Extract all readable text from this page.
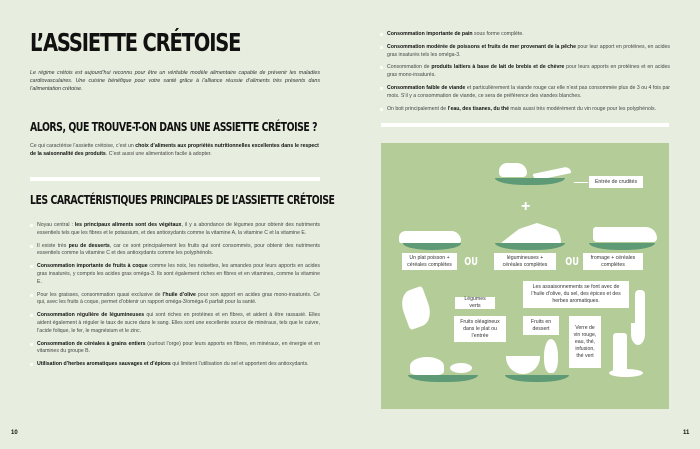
L’ASSIETTE CRÉTOISE

Le régime crétois est aujourd’hui reconnu pour être un véritable modèle alimentaire capable de prévenir les maladies cardiovasculaires. Une cuisine bénéfique pour votre santé grâce à l’alliance réussie d’aliments très présents dans l’alimentation crétoise.

ALORS, QUE TROUVE-T-ON DANS UNE ASSIETTE CRÉTOISE ?

Ce qui caractérise l’assiette crétoise, c’est un choix d’aliments aux propriétés nutritionnelles excellentes dans le respect de la saisonnalité des produits. C’est aussi une alimentation facile à adopter.

LES CARACTÉRISTIQUES PRINCIPALES DE L’ASSIETTE CRÉTOISE
Noyau central : les principaux aliments sont des végétaux, il y a abondance de légumes pour obtenir des nutriments essentiels tels que les fibres et le potassium, et des antioxydants comme la vitamine A, la vitamine C et la vitamine E.
Il existe très peu de desserts, car ce sont principalement les fruits qui sont consommés, pour obtenir des nutriments essentiels comme la vitamine C et des antioxydants comme les polyphénols.
Consommation importante de fruits à coque comme les noix, les noisettes, les amandes pour leurs apports en acides gras insaturés, y compris les acides gras oméga-3. Ils sont également riches en fibres et en vitamines, comme la vitamine E.
Pour les graisses, consommation quasi exclusive de l’huile d’olive pour son apport en acides gras mono-insaturés. Ce qui, avec les fruits à coque, permet d’obtenir un rapport oméga-3/oméga-6 parfait pour la santé.
Consommation régulière de légumineuses qui sont riches en protéines et en fibres, et aident à être rassasié. Elles aident également à réguler le taux de sucre dans le sang. Elles sont une excellente source de minéraux, tels que le cuivre, l’acide folique, le fer, le magnésium et le zinc.
Consommation de céréales à grains entiers (surtout l’orge) pour leurs apports en fibres, en minéraux, en énergie et en vitamines du groupe B.
Utilisation d’herbes aromatiques sauvages et d’épices qui limitent l’utilisation du sel et apportent des antioxydants.
10
Consommation importante de pain sous forme complète.
Consommation modérée de poissons et fruits de mer provenant de la pêche pour leur apport en protéines, en acides gras insaturés tels les oméga-3.
Consommation de produits laitiers à base de lait de brebis et de chèvre pour leurs apports en protéines et en acides gras mono-insaturés.
Consommation faible de viande et particulièrement la viande rouge car elle n’est pas consommée plus de 3 ou 4 fois par mois. S’il y a consommation de viande, ce sera de préférence des viandes blanches.
On boit principalement de l’eau, des tisanes, du thé mais aussi très modérément du vin rouge pour les polyphénols.
Entrée de crudités
+
Un plat poisson + céréales complètes	OU	légumineuses + céréales complètes	OU	fromage + céréales complètes
Légumes verts
Les assaisonnements se font avec de l’huile d’olive, du sel, des épices et des herbes aromatiques.
Fruits oléagineux dans le plat ou l’entrée
Fruits en dessert	Verre de vin rouge, eau, thé, infusion, thé vert
11
